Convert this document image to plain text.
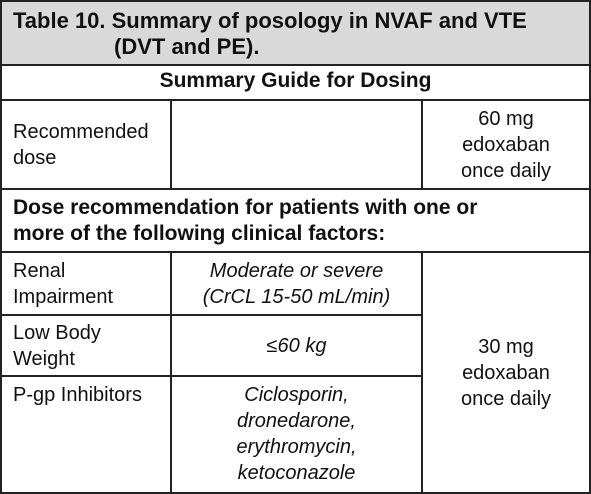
Table 10. Summary of posology in NVAF and VTE
(DVT and PE).
Summary Guide for Dosing
Recommended
dose
60 mg
edoxaban
once daily
Dose recommendation for patients with one or
more of the following clinical factors:
Renal
Impairment
Moderate or severe
(CrCL 15-50 mL/min)
Low Body
Weight
≤60 kg
P-gp Inhibitors	Ciclosporin,
dronedarone,
erythromycin,
ketoconazole
30 mg
edoxaban
once daily
